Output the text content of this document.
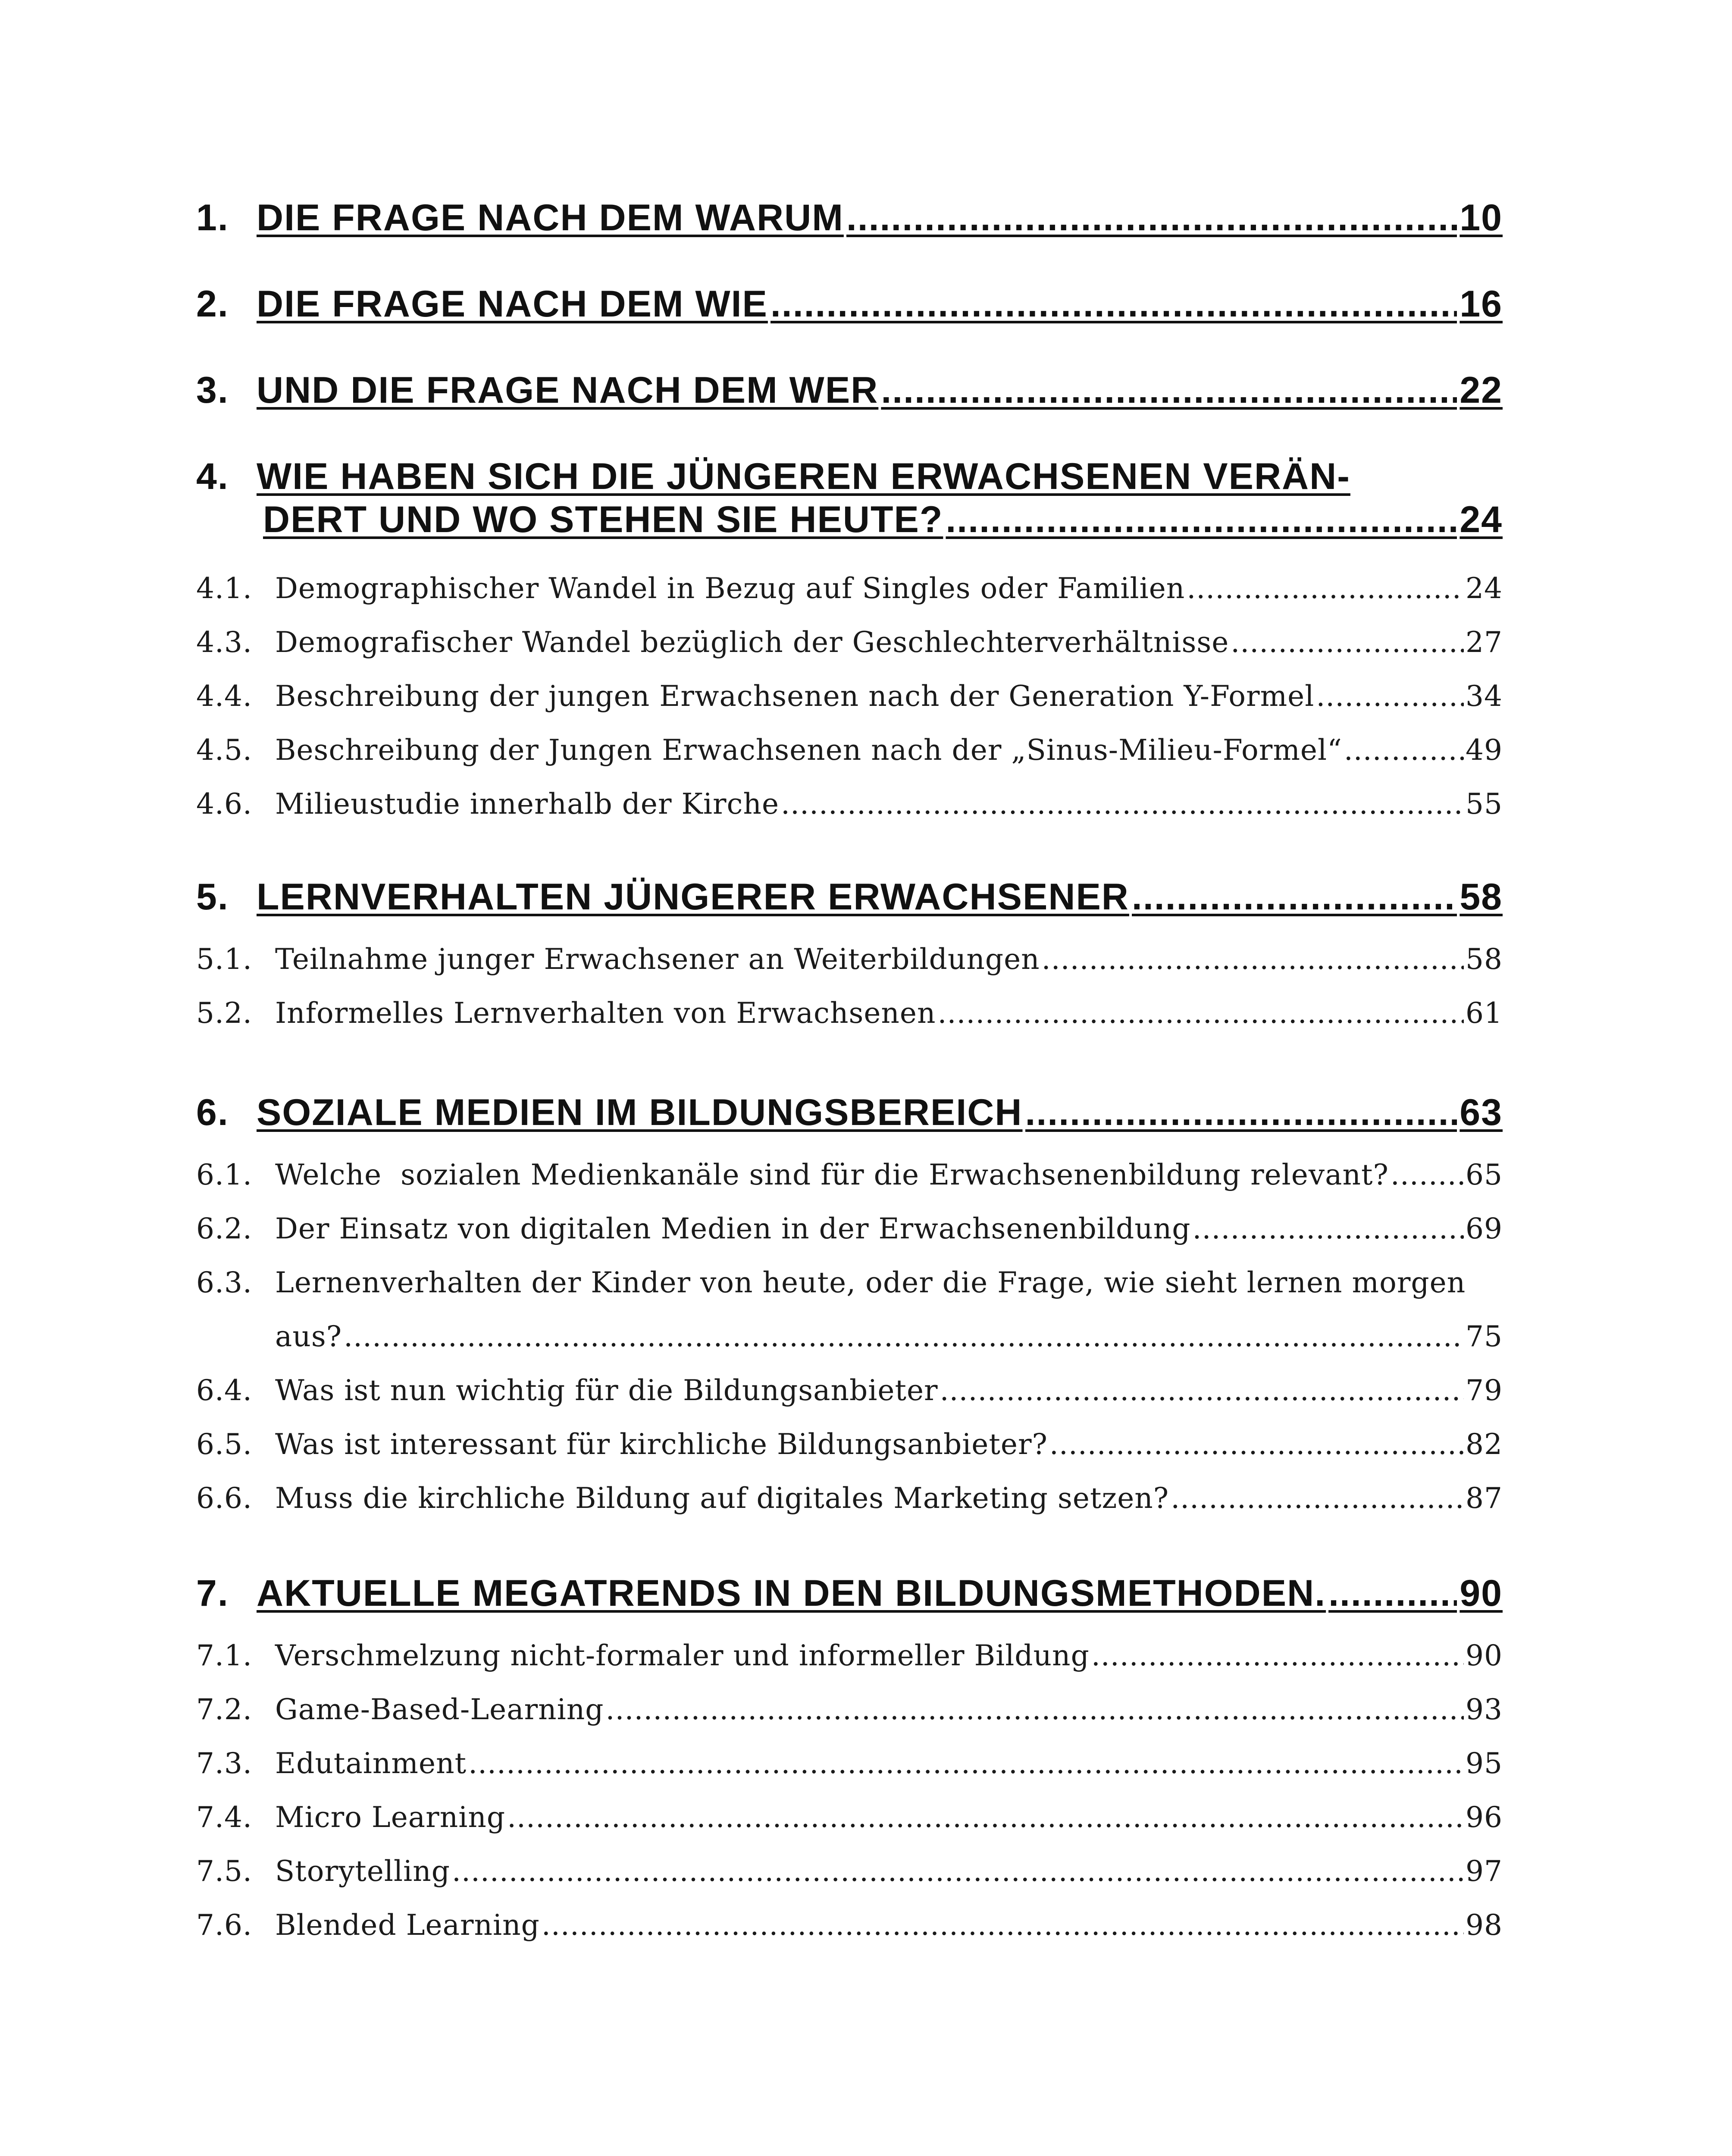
1. DIE FRAGE NACH DEM WARUM .....	10
2. DIE FRAGE NACH DEM WIE .....	16
3. UND DIE FRAGE NACH DEM WER .....	22
4. WIE HABEN SICH DIE JÜNGEREN ERWACHSENEN VERÄN-
DERT UND WO STEHEN SIE HEUTE? .....	24
4.1. Demographischer Wandel in Bezug auf Singles oder Familien .....	24
4.3. Demografischer Wandel bezüglich der Geschlechterverhältnisse .....	27
4.4. Beschreibung der jungen Erwachsenen nach der Generation Y-Formel .....	34
4.5. Beschreibung der Jungen Erwachsenen nach der „Sinus-Milieu-Formel“ .....	49
4.6. Milieustudie innerhalb der Kirche .....	55
5. LERNVERHALTEN JÜNGERER ERWACHSENER .....	58
5.1. Teilnahme junger Erwachsener an Weiterbildungen .....	58
5.2. Informelles Lernverhalten von Erwachsenen .....	61
6. SOZIALE MEDIEN IM BILDUNGSBEREICH .....	63
6.1. Welche  sozialen Medienkanäle sind für die Erwachsenenbildung relevant? .....	65
6.2. Der Einsatz von digitalen Medien in der Erwachsenenbildung .....	69
6.3. Lernenverhalten der Kinder von heute, oder die Frage, wie sieht lernen morgen
aus? .....	75
6.4. Was ist nun wichtig für die Bildungsanbieter .....	79
6.5. Was ist interessant für kirchliche Bildungsanbieter? .....	82
6.6. Muss die kirchliche Bildung auf digitales Marketing setzen? .....	87
7. AKTUELLE MEGATRENDS IN DEN BILDUNGSMETHODEN. .....	90
7.1. Verschmelzung nicht-formaler und informeller Bildung .....	90
7.2. Game-Based-Learning .....	93
7.3. Edutainment .....	95
7.4. Micro Learning .....	96
7.5. Storytelling .....	97
7.6. Blended Learning .....	98
